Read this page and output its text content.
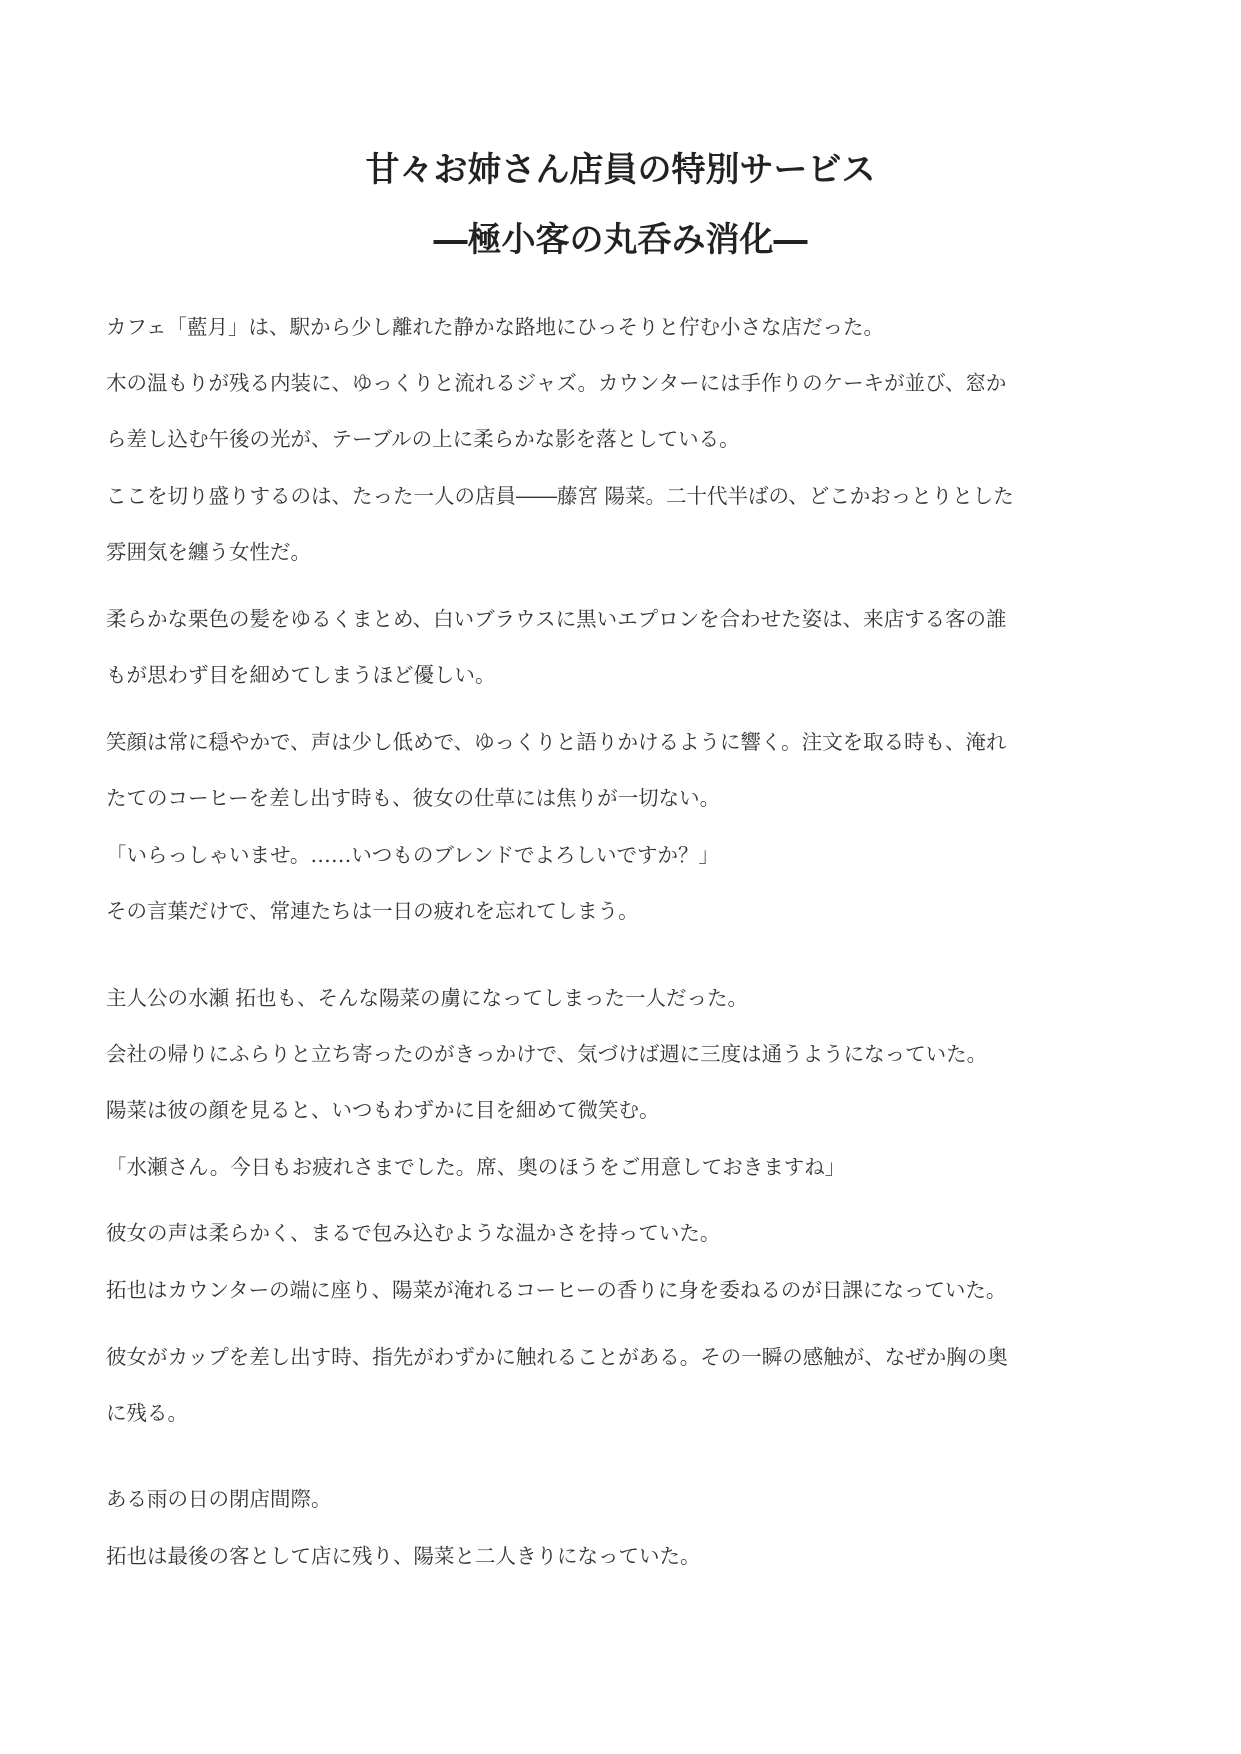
甘々お姉さん店員の特別サービス
―極小客の丸呑み消化―
カフェ「藍月」は、駅から少し離れた静かな路地にひっそりと佇む小さな店だった。
木の温もりが残る内装に、ゆっくりと流れるジャズ。カウンターには手作りのケーキが並び、窓か
ら差し込む午後の光が、テーブルの上に柔らかな影を落としている。
ここを切り盛りするのは、たった一人の店員――藤宮 陽菜。二十代半ばの、どこかおっとりとした
雰囲気を纏う女性だ。
柔らかな栗色の髪をゆるくまとめ、白いブラウスに黒いエプロンを合わせた姿は、来店する客の誰
もが思わず目を細めてしまうほど優しい。
笑顔は常に穏やかで、声は少し低めで、ゆっくりと語りかけるように響く。注文を取る時も、淹れ
たてのコーヒーを差し出す時も、彼女の仕草には焦りが一切ない。
「いらっしゃいませ。……いつものブレンドでよろしいですか？」
その言葉だけで、常連たちは一日の疲れを忘れてしまう。
主人公の水瀬 拓也も、そんな陽菜の虜になってしまった一人だった。
会社の帰りにふらりと立ち寄ったのがきっかけで、気づけば週に三度は通うようになっていた。
陽菜は彼の顔を見ると、いつもわずかに目を細めて微笑む。
「水瀬さん。今日もお疲れさまでした。席、奥のほうをご用意しておきますね」
彼女の声は柔らかく、まるで包み込むような温かさを持っていた。
拓也はカウンターの端に座り、陽菜が淹れるコーヒーの香りに身を委ねるのが日課になっていた。
彼女がカップを差し出す時、指先がわずかに触れることがある。その一瞬の感触が、なぜか胸の奥
に残る。
ある雨の日の閉店間際。
拓也は最後の客として店に残り、陽菜と二人きりになっていた。
